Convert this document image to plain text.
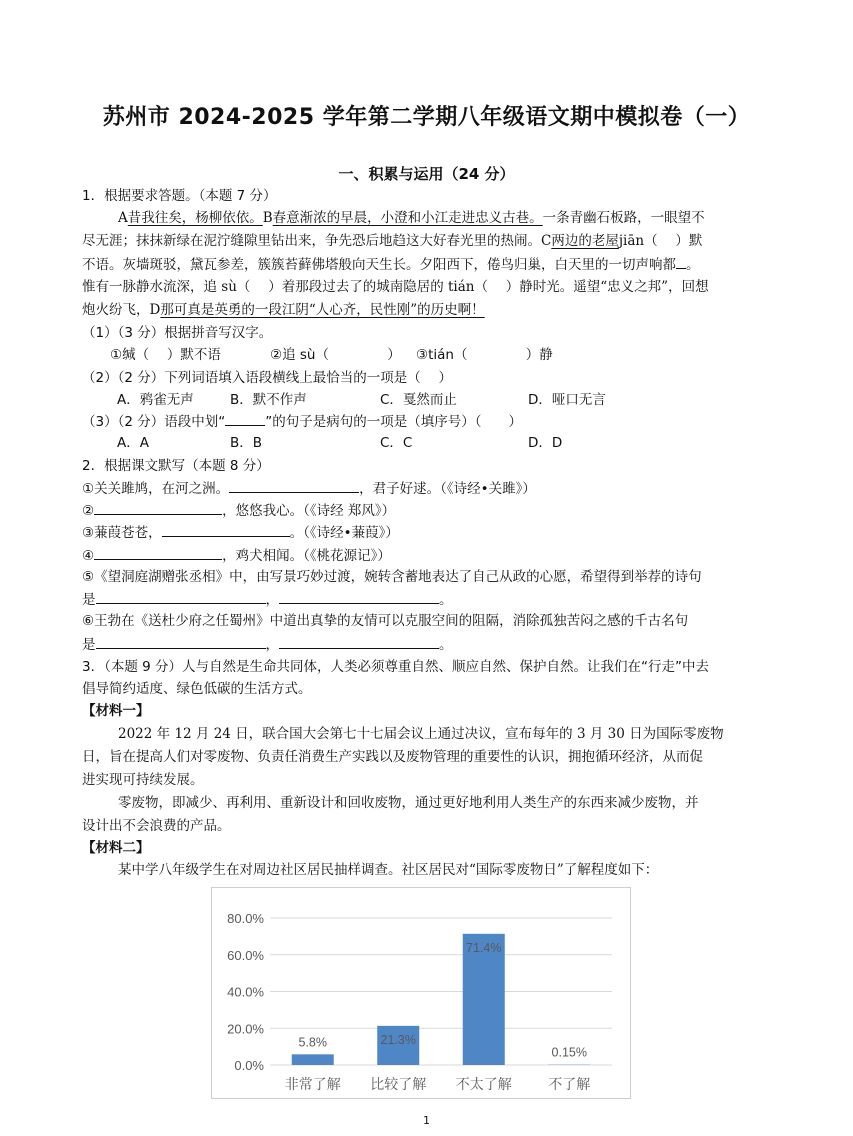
苏州市 2024-2025 学年第二学期八年级语文期中模拟卷（一）
一、积累与运用（24 分）
1．根据要求答题。（本题 7 分）
A昔我往矣，杨柳依依。B春意渐浓的早晨，小澄和小江走进忠义古巷。一条青幽石板路，一眼望不
尽无涯；抹抹新绿在泥泞缝隙里钻出来，争先恐后地趋这大好春光里的热闹。C两边的老屋jiān（　 ）默
不语。灰墙斑驳，黛瓦参差，簇簇苔藓佛塔般向天生长。夕阳西下，倦鸟归巢，白天里的一切声响都 。
惟有一脉静水流深，追 sù（　 ）着那段过去了的城南隐居的 tián（　 ）静时光。遥望“忠义之邦”，回想
炮火纷飞，D那可真是英勇的一段江阴“人心齐，民性刚”的历史啊！
（1）（3 分）根据拼音写汉字。
①缄（　 ）默不语	②追 sù（　　　　 ） ③tián（　　　　 ）静
（2）（2 分）下列词语填入语段横线上最恰当的一项是（　 ）
A．鸦雀无声	B．默不作声	C．戛然而止	D．哑口无言
（3）（2 分）语段中划“	”的句子是病句的一项是（填序号）（　　）
A．A	B．B	C．C	D．D
2．根据课文默写（本题 8 分）
①关关雎鸠，在河之洲。	，君子好逑。（《诗经•关雎》）
②	，悠悠我心。（《诗经 郑风》）
③蒹葭苍苍，	。（《诗经•蒹葭》）
④	，鸡犬相闻。（《桃花源记》）
⑤《望洞庭湖赠张丞相》中，由写景巧妙过渡，婉转含蓄地表达了自己从政的心愿，希望得到举荐的诗句
是	，	。
⑥王勃在《送杜少府之任蜀州》中道出真挚的友情可以克服空间的阻隔，消除孤独苦闷之感的千古名句
是	，	。
3．（本题 9 分）人与自然是生命共同体，人类必须尊重自然、顺应自然、保护自然。让我们在“行走”中去
倡导简约适度、绿色低碳的生活方式。
【材料一】
2022 年 12 月 24 日，联合国大会第七十七届会议上通过决议，宣布每年的 3 月 30 日为国际零废物
日，旨在提高人们对零废物、负责任消费生产实践以及废物管理的重要性的认识，拥抱循环经济，从而促
进实现可持续发展。
零废物，即减少、再利用、重新设计和回收废物，通过更好地利用人类生产的东西来减少废物，并
设计出不会浪费的产品。
【材料二】
某中学八年级学生在对周边社区居民抽样调查。社区居民对“国际零废物日”了解程度如下：
0.0%
20.0%
40.0%
60.0%
80.0%
5.8%
非常了解
21.3%
比较了解
71.4%
不太了解
0.15%
不了解
1
